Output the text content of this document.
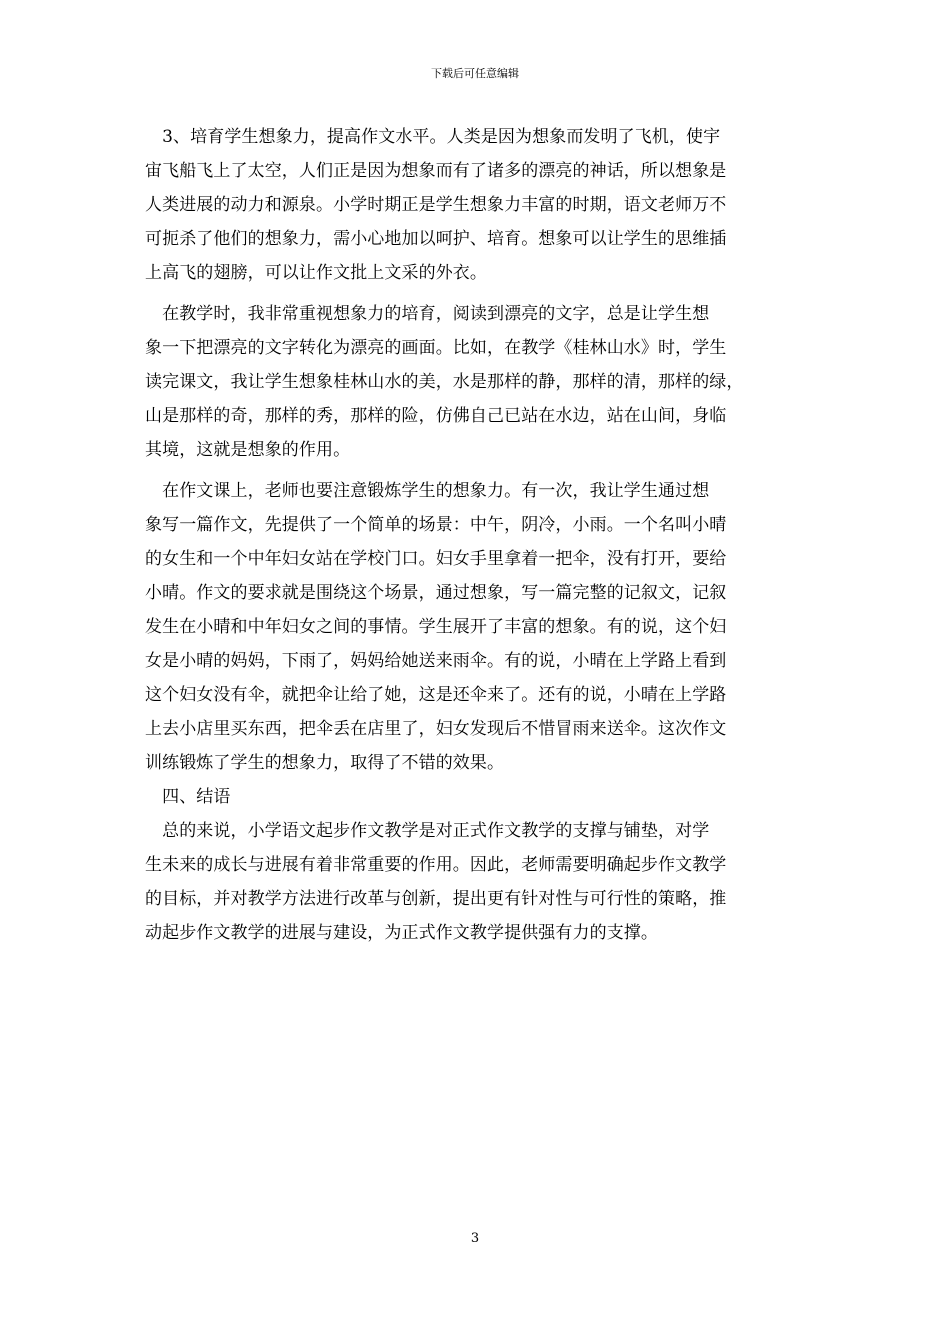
下载后可任意编辑
　3、培育学生想象力，提高作文水平。人类是因为想象而发明了飞机，使宇
宙飞船飞上了太空，人们正是因为想象而有了诸多的漂亮的神话，所以想象是
人类进展的动力和源泉。小学时期正是学生想象力丰富的时期，语文老师万不
可扼杀了他们的想象力，需小心地加以呵护、培育。想象可以让学生的思维插
上高飞的翅膀，可以让作文批上文采的外衣。
　在教学时，我非常重视想象力的培育，阅读到漂亮的文字，总是让学生想
象一下把漂亮的文字转化为漂亮的画面。比如，在教学《桂林山水》时，学生
读完课文，我让学生想象桂林山水的美，水是那样的静，那样的清，那样的绿，
山是那样的奇，那样的秀，那样的险，仿佛自己已站在水边，站在山间，身临
其境，这就是想象的作用。
　在作文课上，老师也要注意锻炼学生的想象力。有一次，我让学生通过想
象写一篇作文，先提供了一个简单的场景：中午，阴冷，小雨。一个名叫小晴
的女生和一个中年妇女站在学校门口。妇女手里拿着一把伞，没有打开，要给
小晴。作文的要求就是围绕这个场景，通过想象，写一篇完整的记叙文，记叙
发生在小晴和中年妇女之间的事情。学生展开了丰富的想象。有的说，这个妇
女是小晴的妈妈，下雨了，妈妈给她送来雨伞。有的说，小晴在上学路上看到
这个妇女没有伞，就把伞让给了她，这是还伞来了。还有的说，小晴在上学路
上去小店里买东西，把伞丢在店里了，妇女发现后不惜冒雨来送伞。这次作文
训练锻炼了学生的想象力，取得了不错的效果。
　四、结语
　总的来说，小学语文起步作文教学是对正式作文教学的支撑与铺垫，对学
生未来的成长与进展有着非常重要的作用。因此，老师需要明确起步作文教学
的目标，并对教学方法进行改革与创新，提出更有针对性与可行性的策略，推
动起步作文教学的进展与建设，为正式作文教学提供强有力的支撑。
3
